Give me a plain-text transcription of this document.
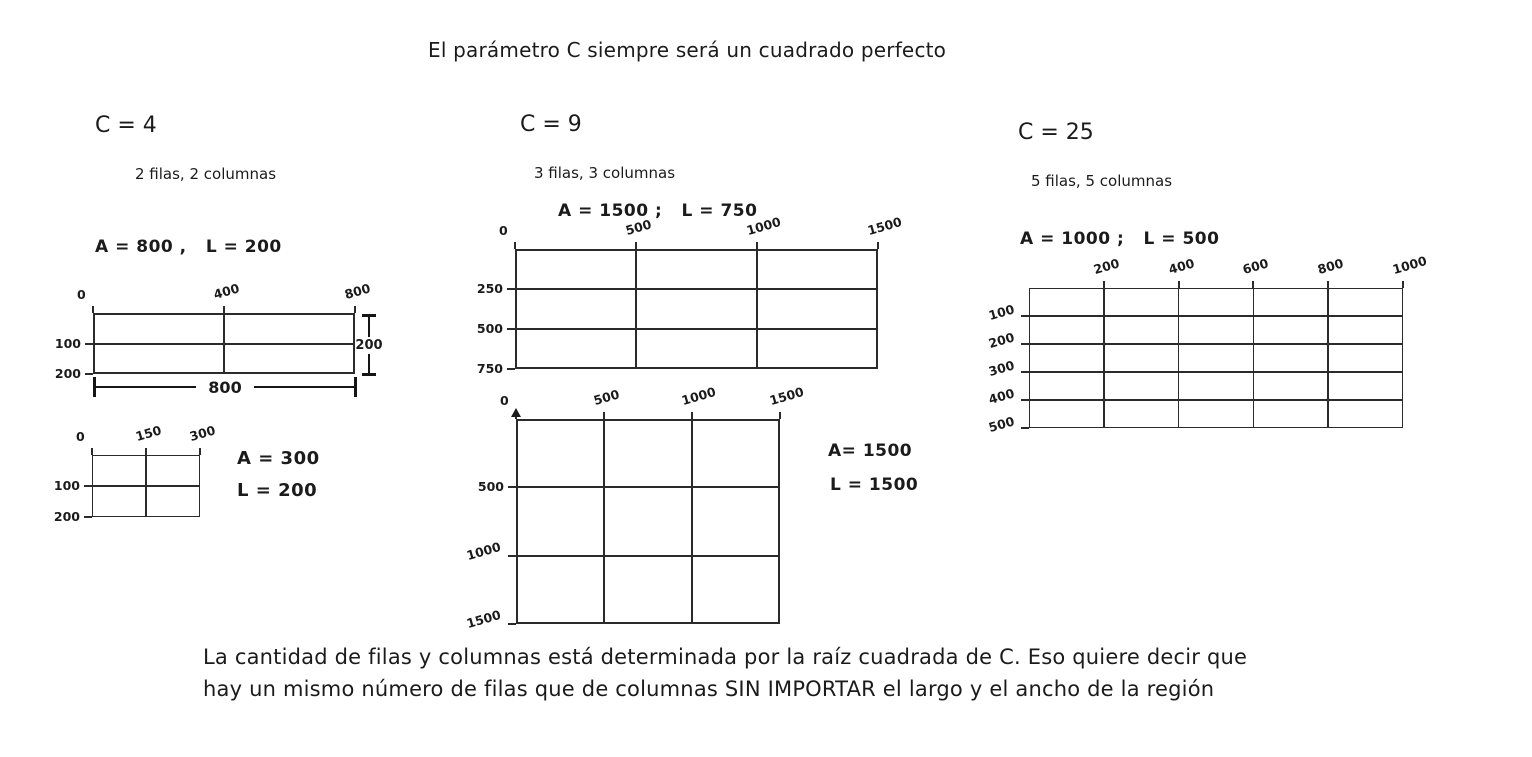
El parámetro C siempre será un cuadrado perfecto
C = 4
2 filas, 2 columnas
A = 800 ,   L = 200
C = 9
3 filas, 3 columnas
A = 1500 ;   L = 750
C = 25
5 filas, 5 columnas
A = 1000 ;   L = 500
0	400	800
100
200
0	150 300
100
200
0	500	1000	1500
250
500
750
0	500	1000	1500
500
1000
1500
200	400	600	800	1000
100
200
300
400
500
800
200
A = 300
L = 200
A= 1500
L = 1500
La cantidad de filas y columnas está determinada por la raíz cuadrada de C. Eso quiere decir que
hay un mismo número de filas que de columnas SIN IMPORTAR el largo y el ancho de la región
